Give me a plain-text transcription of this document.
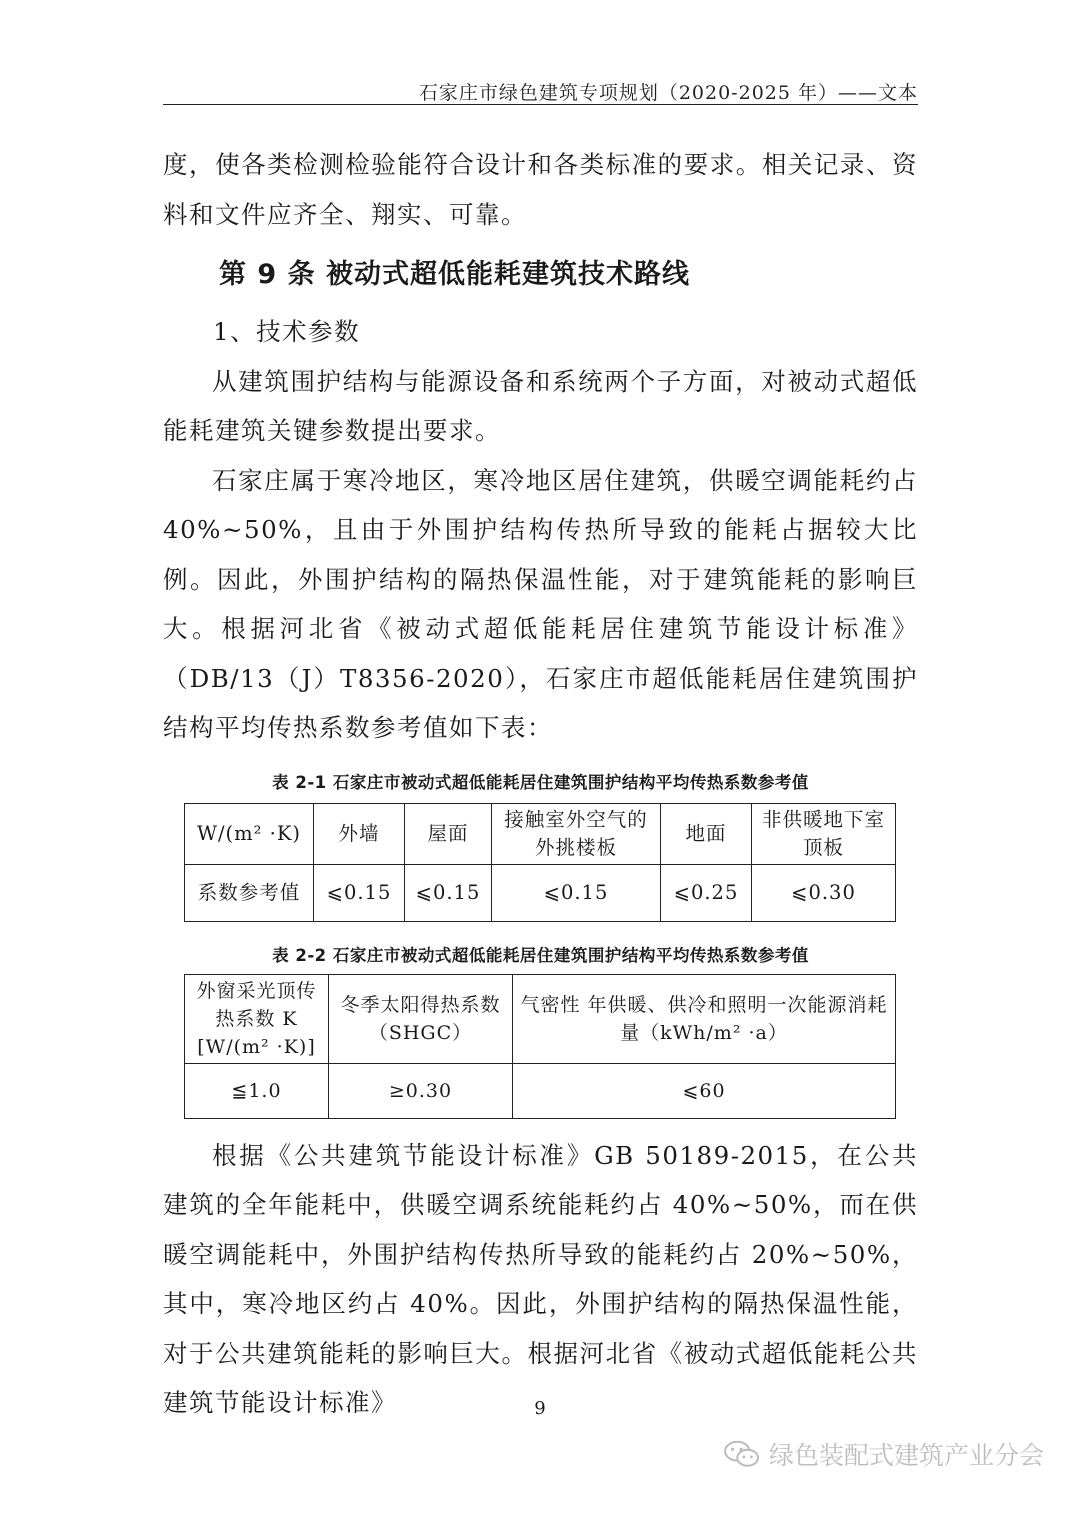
石家庄市绿色建筑专项规划（2020-2025 年）——文本

度，使各类检测检验能符合设计和各类标准的要求。相关记录、资料和文件应齐全、翔实、可靠。

第 9 条 被动式超低能耗建筑技术路线

1、技术参数

从建筑围护结构与能源设备和系统两个子方面，对被动式超低能耗建筑关键参数提出要求。

石家庄属于寒冷地区，寒冷地区居住建筑，供暖空调能耗约占40%~50%，且由于外围护结构传热所导致的能耗占据较大比例。因此，外围护结构的隔热保温性能，对于建筑能耗的影响巨大。根据河北省《被动式超低能耗居住建筑节能设计标准》（DB/13（J）T8356-2020），石家庄市超低能耗居住建筑围护结构平均传热系数参考值如下表：

表 2-1 石家庄市被动式超低能耗居住建筑围护结构平均传热系数参考值

W/(m² ·K)	外墙	屋面	接触室外空气的外挑楼板	地面	非供暖地下室顶板
系数参考值	⩽0.15	⩽0.15	⩽0.15	⩽0.25	⩽0.30

表 2-2 石家庄市被动式超低能耗居住建筑围护结构平均传热系数参考值

外窗采光顶传热系数 K [W/(m² ·K)]	冬季太阳得热系数（SHGC）	气密性 年供暖、供冷和照明一次能源消耗量（kWh/m² ·a）
≦1.0	≥0.30	⩽60

根据《公共建筑节能设计标准》GB 50189-2015，在公共建筑的全年能耗中，供暖空调系统能耗约占 40%~50%，而在供暖空调能耗中，外围护结构传热所导致的能耗约占 20%~50%，其中，寒冷地区约占 40%。因此，外围护结构的隔热保温性能，对于公共建筑能耗的影响巨大。根据河北省《被动式超低能耗公共建筑节能设计标准》	9
绿色装配式建筑产业分会
